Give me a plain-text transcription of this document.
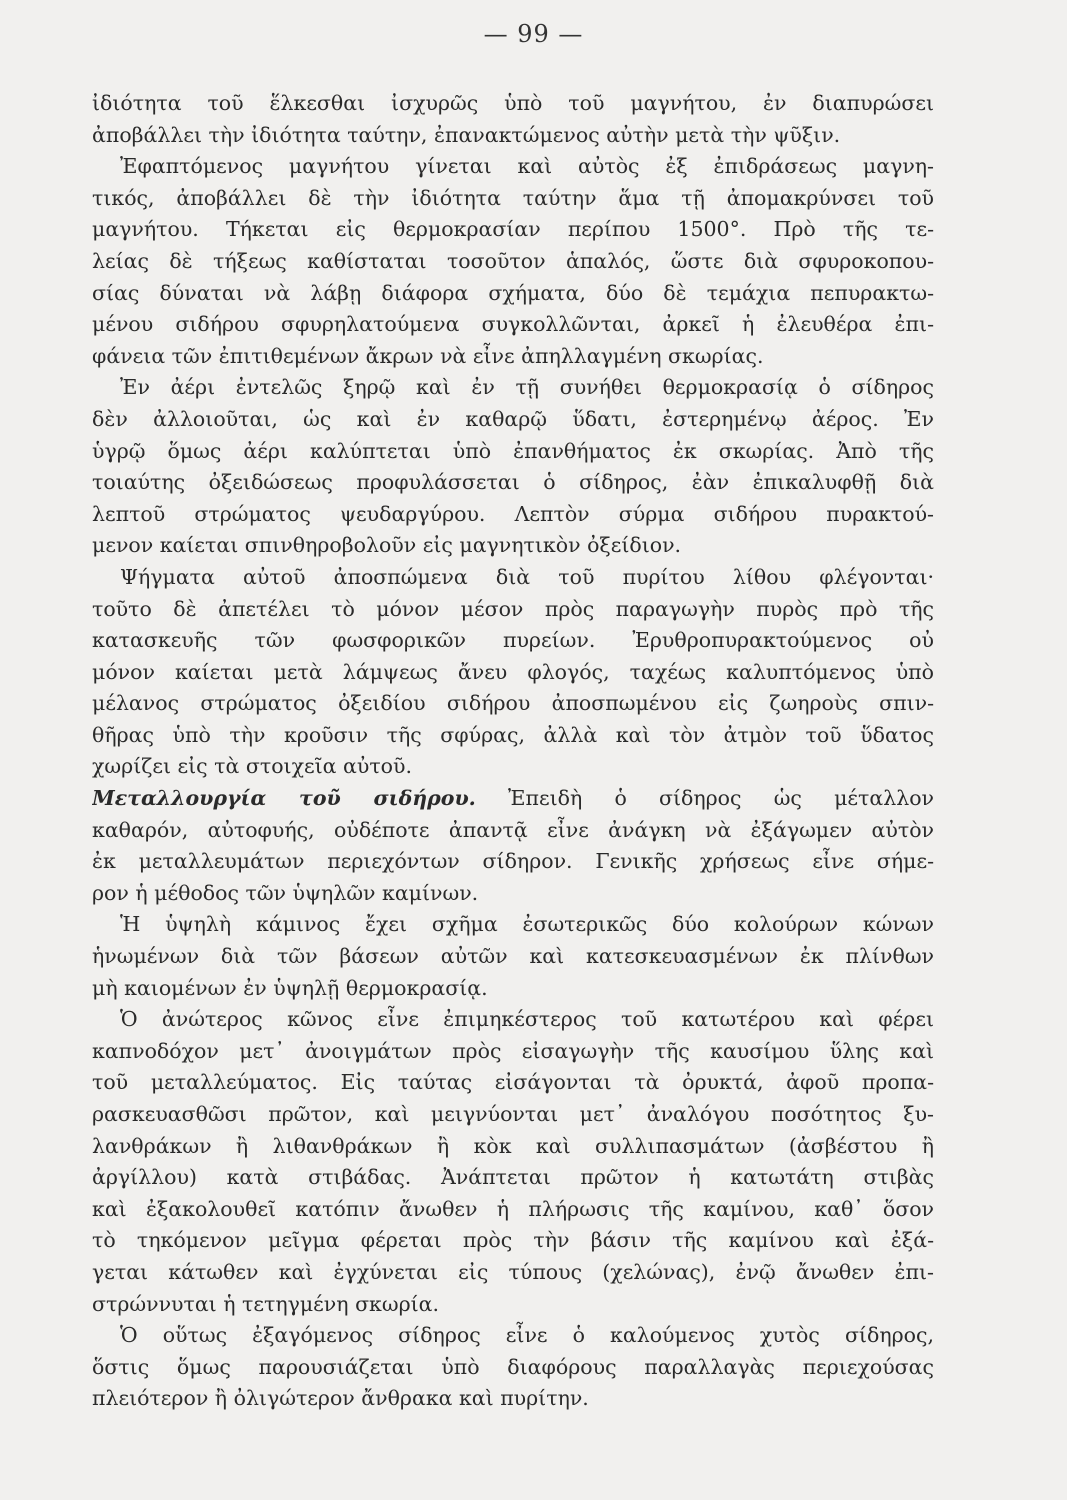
— 99 —
ἰδιότητα τοῦ ἕλκεσθαι ἰσχυρῶς ὑπὸ τοῦ μαγνήτου, ἐν διαπυρώσει
ἀποβάλλει τὴν ἰδιότητα ταύτην, ἐπανακτώμενος αὐτὴν μετὰ τὴν ψῦξιν.
Ἐφαπτόμενος μαγνήτου γίνεται καὶ αὐτὸς ἐξ ἐπιδράσεως μαγνη-
τικός, ἀποβάλλει δὲ τὴν ἰδιότητα ταύτην ἅμα τῇ ἀπομακρύνσει τοῦ
μαγνήτου. Τήκεται εἰς θερμοκρασίαν περίπου 1500°. Πρὸ τῆς τε-
λείας δὲ τήξεως καθίσταται τοσοῦτον ἁπαλός, ὥστε διὰ σφυροκοπου-
σίας δύναται νὰ λάβῃ διάφορα σχήματα, δύο δὲ τεμάχια πεπυρακτω-
μένου σιδήρου σφυρηλατούμενα συγκολλῶνται, ἀρκεῖ ἡ ἐλευθέρα ἐπι-
φάνεια τῶν ἐπιτιθεμένων ἄκρων νὰ εἶνε ἀπηλλαγμένη σκωρίας.
Ἐν ἀέρι ἐντελῶς ξηρῷ καὶ ἐν τῇ συνήθει θερμοκρασίᾳ ὁ σίδηρος
δὲν ἀλλοιοῦται, ὡς καὶ ἐν καθαρῷ ὕδατι, ἐστερημένῳ ἀέρος. Ἐν
ὑγρῷ ὅμως ἀέρι καλύπτεται ὑπὸ ἐπανθήματος ἐκ σκωρίας. Ἀπὸ τῆς
τοιαύτης ὀξειδώσεως προφυλάσσεται ὁ σίδηρος, ἐὰν ἐπικαλυφθῇ διὰ
λεπτοῦ στρώματος ψευδαργύρου. Λεπτὸν σύρμα σιδήρου πυρακτού-
μενον καίεται σπινθηροβολοῦν εἰς μαγνητικὸν ὀξείδιον.
Ψήγματα αὐτοῦ ἀποσπώμενα διὰ τοῦ πυρίτου λίθου φλέγονται·
τοῦτο δὲ ἀπετέλει τὸ μόνον μέσον πρὸς παραγωγὴν πυρὸς πρὸ τῆς
κατασκευῆς τῶν φωσφορικῶν πυρείων. Ἐρυθροπυρακτούμενος οὐ
μόνον καίεται μετὰ λάμψεως ἄνευ φλογός, ταχέως καλυπτόμενος ὑπὸ
μέλανος στρώματος ὀξειδίου σιδήρου ἀποσπωμένου εἰς ζωηροὺς σπιν-
θῆρας ὑπὸ τὴν κροῦσιν τῆς σφύρας, ἀλλὰ καὶ τὸν ἀτμὸν τοῦ ὕδατος
χωρίζει εἰς τὰ στοιχεῖα αὐτοῦ.
Μεταλλουργία τοῦ σιδήρου. Ἐπειδὴ ὁ σίδηρος ὡς μέταλλον
καθαρόν, αὐτοφυής, οὐδέποτε ἀπαντᾷ εἶνε ἀνάγκη νὰ ἐξάγωμεν αὐτὸν
ἐκ μεταλλευμάτων περιεχόντων σίδηρον. Γενικῆς χρήσεως εἶνε σήμε-
ρον ἡ μέθοδος τῶν ὑψηλῶν καμίνων.
Ἡ ὑψηλὴ κάμινος ἔχει σχῆμα ἐσωτερικῶς δύο κολούρων κώνων
ἡνωμένων διὰ τῶν βάσεων αὐτῶν καὶ κατεσκευασμένων ἐκ πλίνθων
μὴ καιομένων ἐν ὑψηλῇ θερμοκρασίᾳ.
Ὁ ἀνώτερος κῶνος εἶνε ἐπιμηκέστερος τοῦ κατωτέρου καὶ φέρει
καπνοδόχον μετ᾽ ἀνοιγμάτων πρὸς εἰσαγωγὴν τῆς καυσίμου ὕλης καὶ
τοῦ μεταλλεύματος. Εἰς ταύτας εἰσάγονται τὰ ὀρυκτά, ἀφοῦ προπα-
ρασκευασθῶσι πρῶτον, καὶ μειγνύονται μετ᾽ ἀναλόγου ποσότητος ξυ-
λανθράκων ἢ λιθανθράκων ἢ κὸκ καὶ συλλιπασμάτων (ἀσβέστου ἢ
ἀργίλλου) κατὰ στιβάδας. Ἀνάπτεται πρῶτον ἡ κατωτάτη στιβὰς
καὶ ἐξακολουθεῖ κατόπιν ἄνωθεν ἡ πλήρωσις τῆς καμίνου, καθ᾽ ὅσον
τὸ τηκόμενον μεῖγμα φέρεται πρὸς τὴν βάσιν τῆς καμίνου καὶ ἐξά-
γεται κάτωθεν καὶ ἐγχύνεται εἰς τύπους (χελώνας), ἐνῷ ἄνωθεν ἐπι-
στρώννυται ἡ τετηγμένη σκωρία.
Ὁ οὕτως ἐξαγόμενος σίδηρος εἶνε ὁ καλούμενος χυτὸς σίδηρος,
ὅστις ὅμως παρουσιάζεται ὑπὸ διαφόρους παραλλαγὰς περιεχούσας
πλειότερον ἢ ὀλιγώτερον ἄνθρακα καὶ πυρίτην.
